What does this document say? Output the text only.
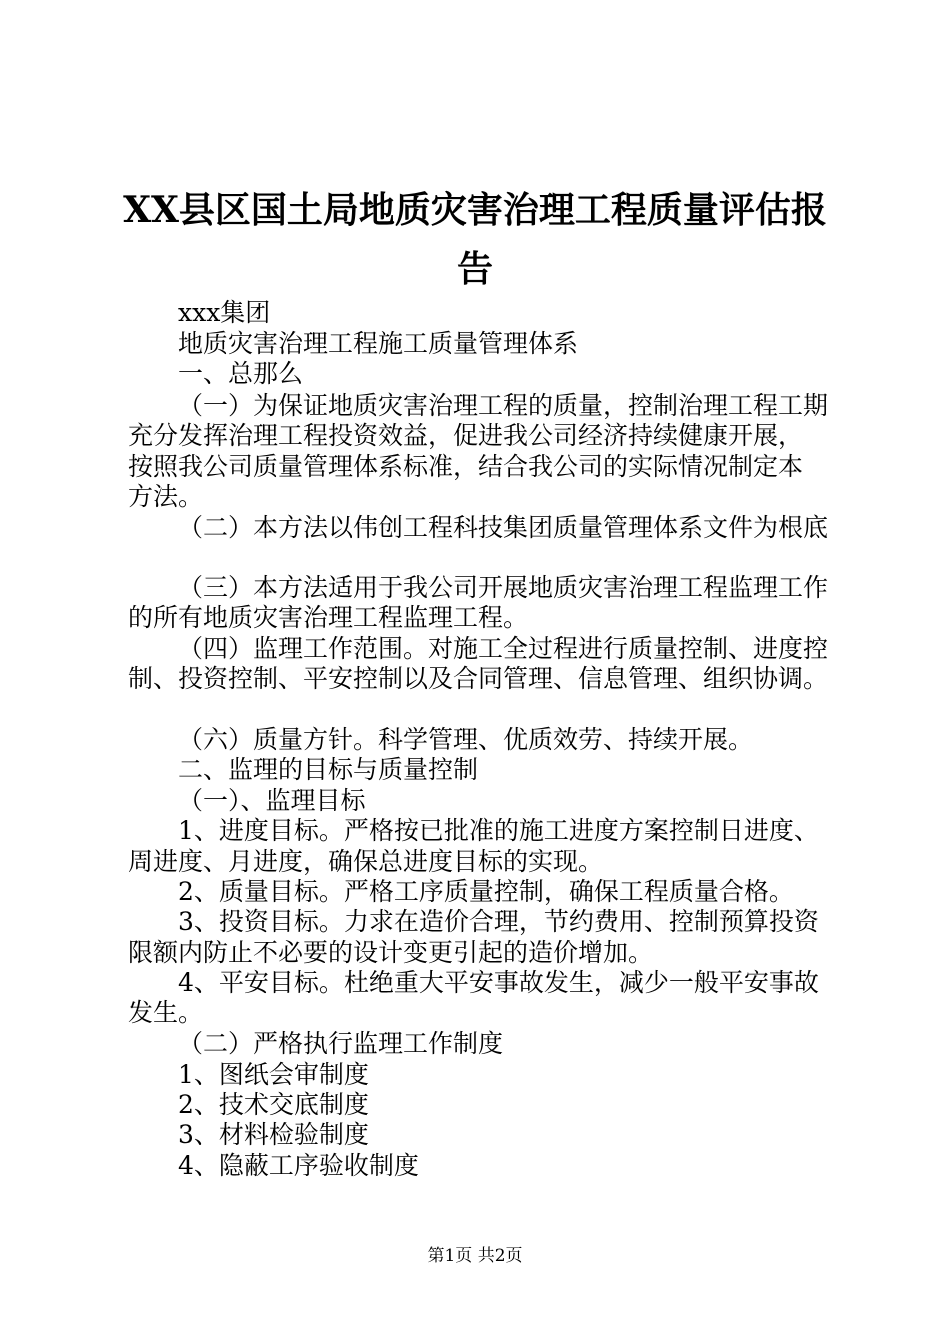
XX县区国土局地质灾害治理工程质量评估报
告
xxx集团
地质灾害治理工程施工质量管理体系
一、总那么
（一）为保证地质灾害治理工程的质量，控制治理工程工期
充分发挥治理工程投资效益，促进我公司经济持续健康开展，
按照我公司质量管理体系标准，结合我公司的实际情况制定本
方法。
（二）本方法以伟创工程科技集团质量管理体系文件为根底
（三）本方法适用于我公司开展地质灾害治理工程监理工作
的所有地质灾害治理工程监理工程。
（四）监理工作范围。对施工全过程进行质量控制、进度控
制、投资控制、平安控制以及合同管理、信息管理、组织协调。
（六）质量方针。科学管理、优质效劳、持续开展。
二、监理的目标与质量控制
（一）、监理目标
1、进度目标。严格按已批准的施工进度方案控制日进度、
周进度、月进度，确保总进度目标的实现。
2、质量目标。严格工序质量控制，确保工程质量合格。
3、投资目标。力求在造价合理，节约费用、控制预算投资
限额内防止不必要的设计变更引起的造价增加。
4、平安目标。杜绝重大平安事故发生，减少一般平安事故
发生。
（二）严格执行监理工作制度
1、图纸会审制度
2、技术交底制度
3、材料检验制度
4、隐蔽工序验收制度
第1页 共2页
